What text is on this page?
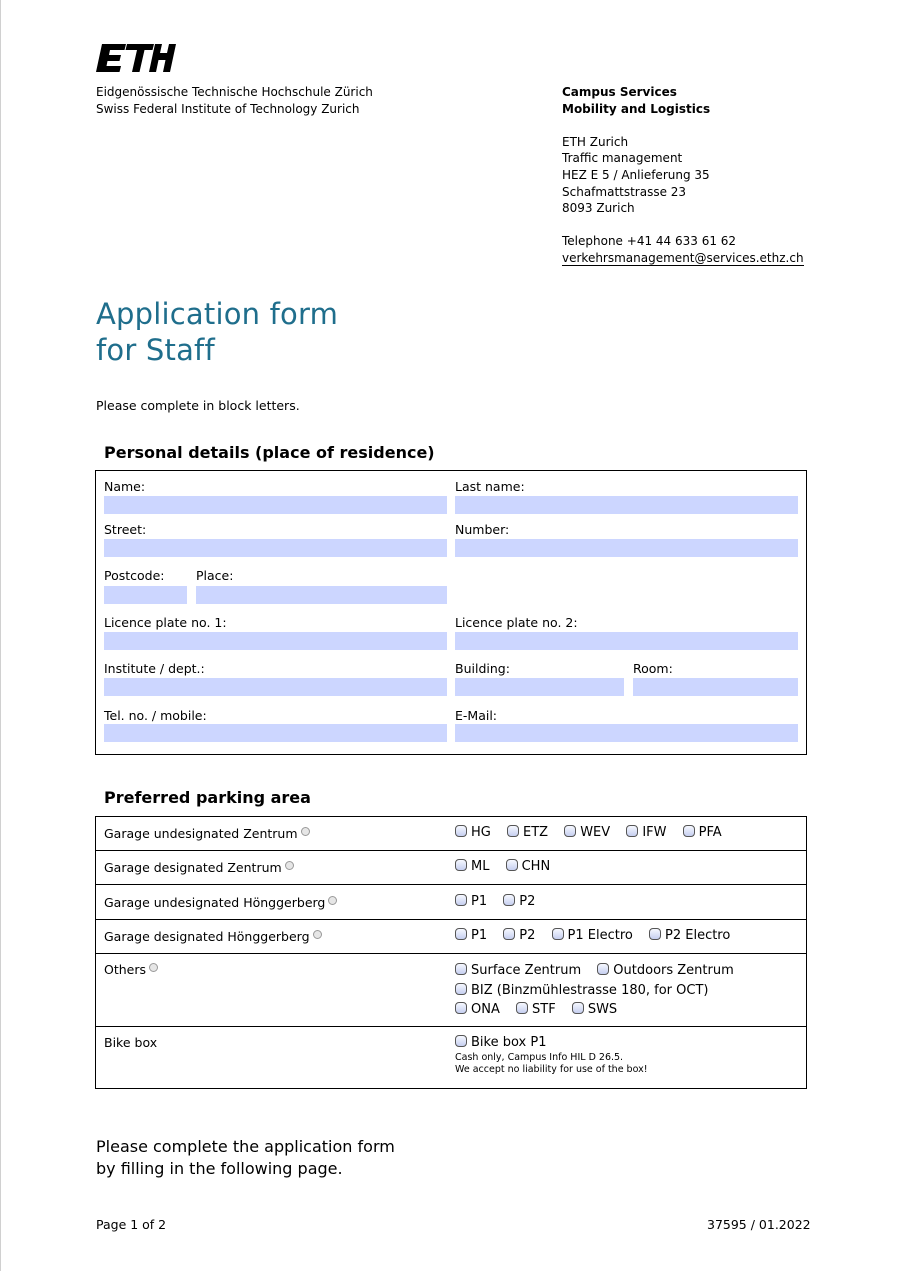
Eidgenössische Technische Hochschule Zürich
Swiss Federal Institute of Technology Zurich
Campus Services
Mobility and Logistics
ETH Zurich
Traffic management
HEZ E 5 / Anlieferung 35
Schafmattstrasse 23
8093 Zurich
Telephone +41 44 633 61 62
verkehrsmanagement@services.ethz.ch
Application form
for Staff
Please complete in block letters.
Personal details (place of residence)
Name:	Last name:
Street:	Number:
Postcode:	Place:
Licence plate no. 1:	Licence plate no. 2:
Institute / dept.:	Building:	Room:
Tel. no. / mobile:	E-Mail:
Preferred parking area
Garage undesignated Zentrum	HG ETZ WEV IFW PFA
Garage designated Zentrum	ML CHN
Garage undesignated Hönggerberg	P1 P2
Garage designated Hönggerberg	P1 P2 P1 Electro P2 Electro
Others	Surface Zentrum Outdoors Zentrum
BIZ (Binzmühlestrasse 180, for OCT)
ONA STF SWS
Bike box	Bike box P1
Cash only, Campus Info HIL D 26.5.
We accept no liability for use of the box!
Please complete the application form
by filling in the following page.
Page 1 of 2	37595 / 01.2022
